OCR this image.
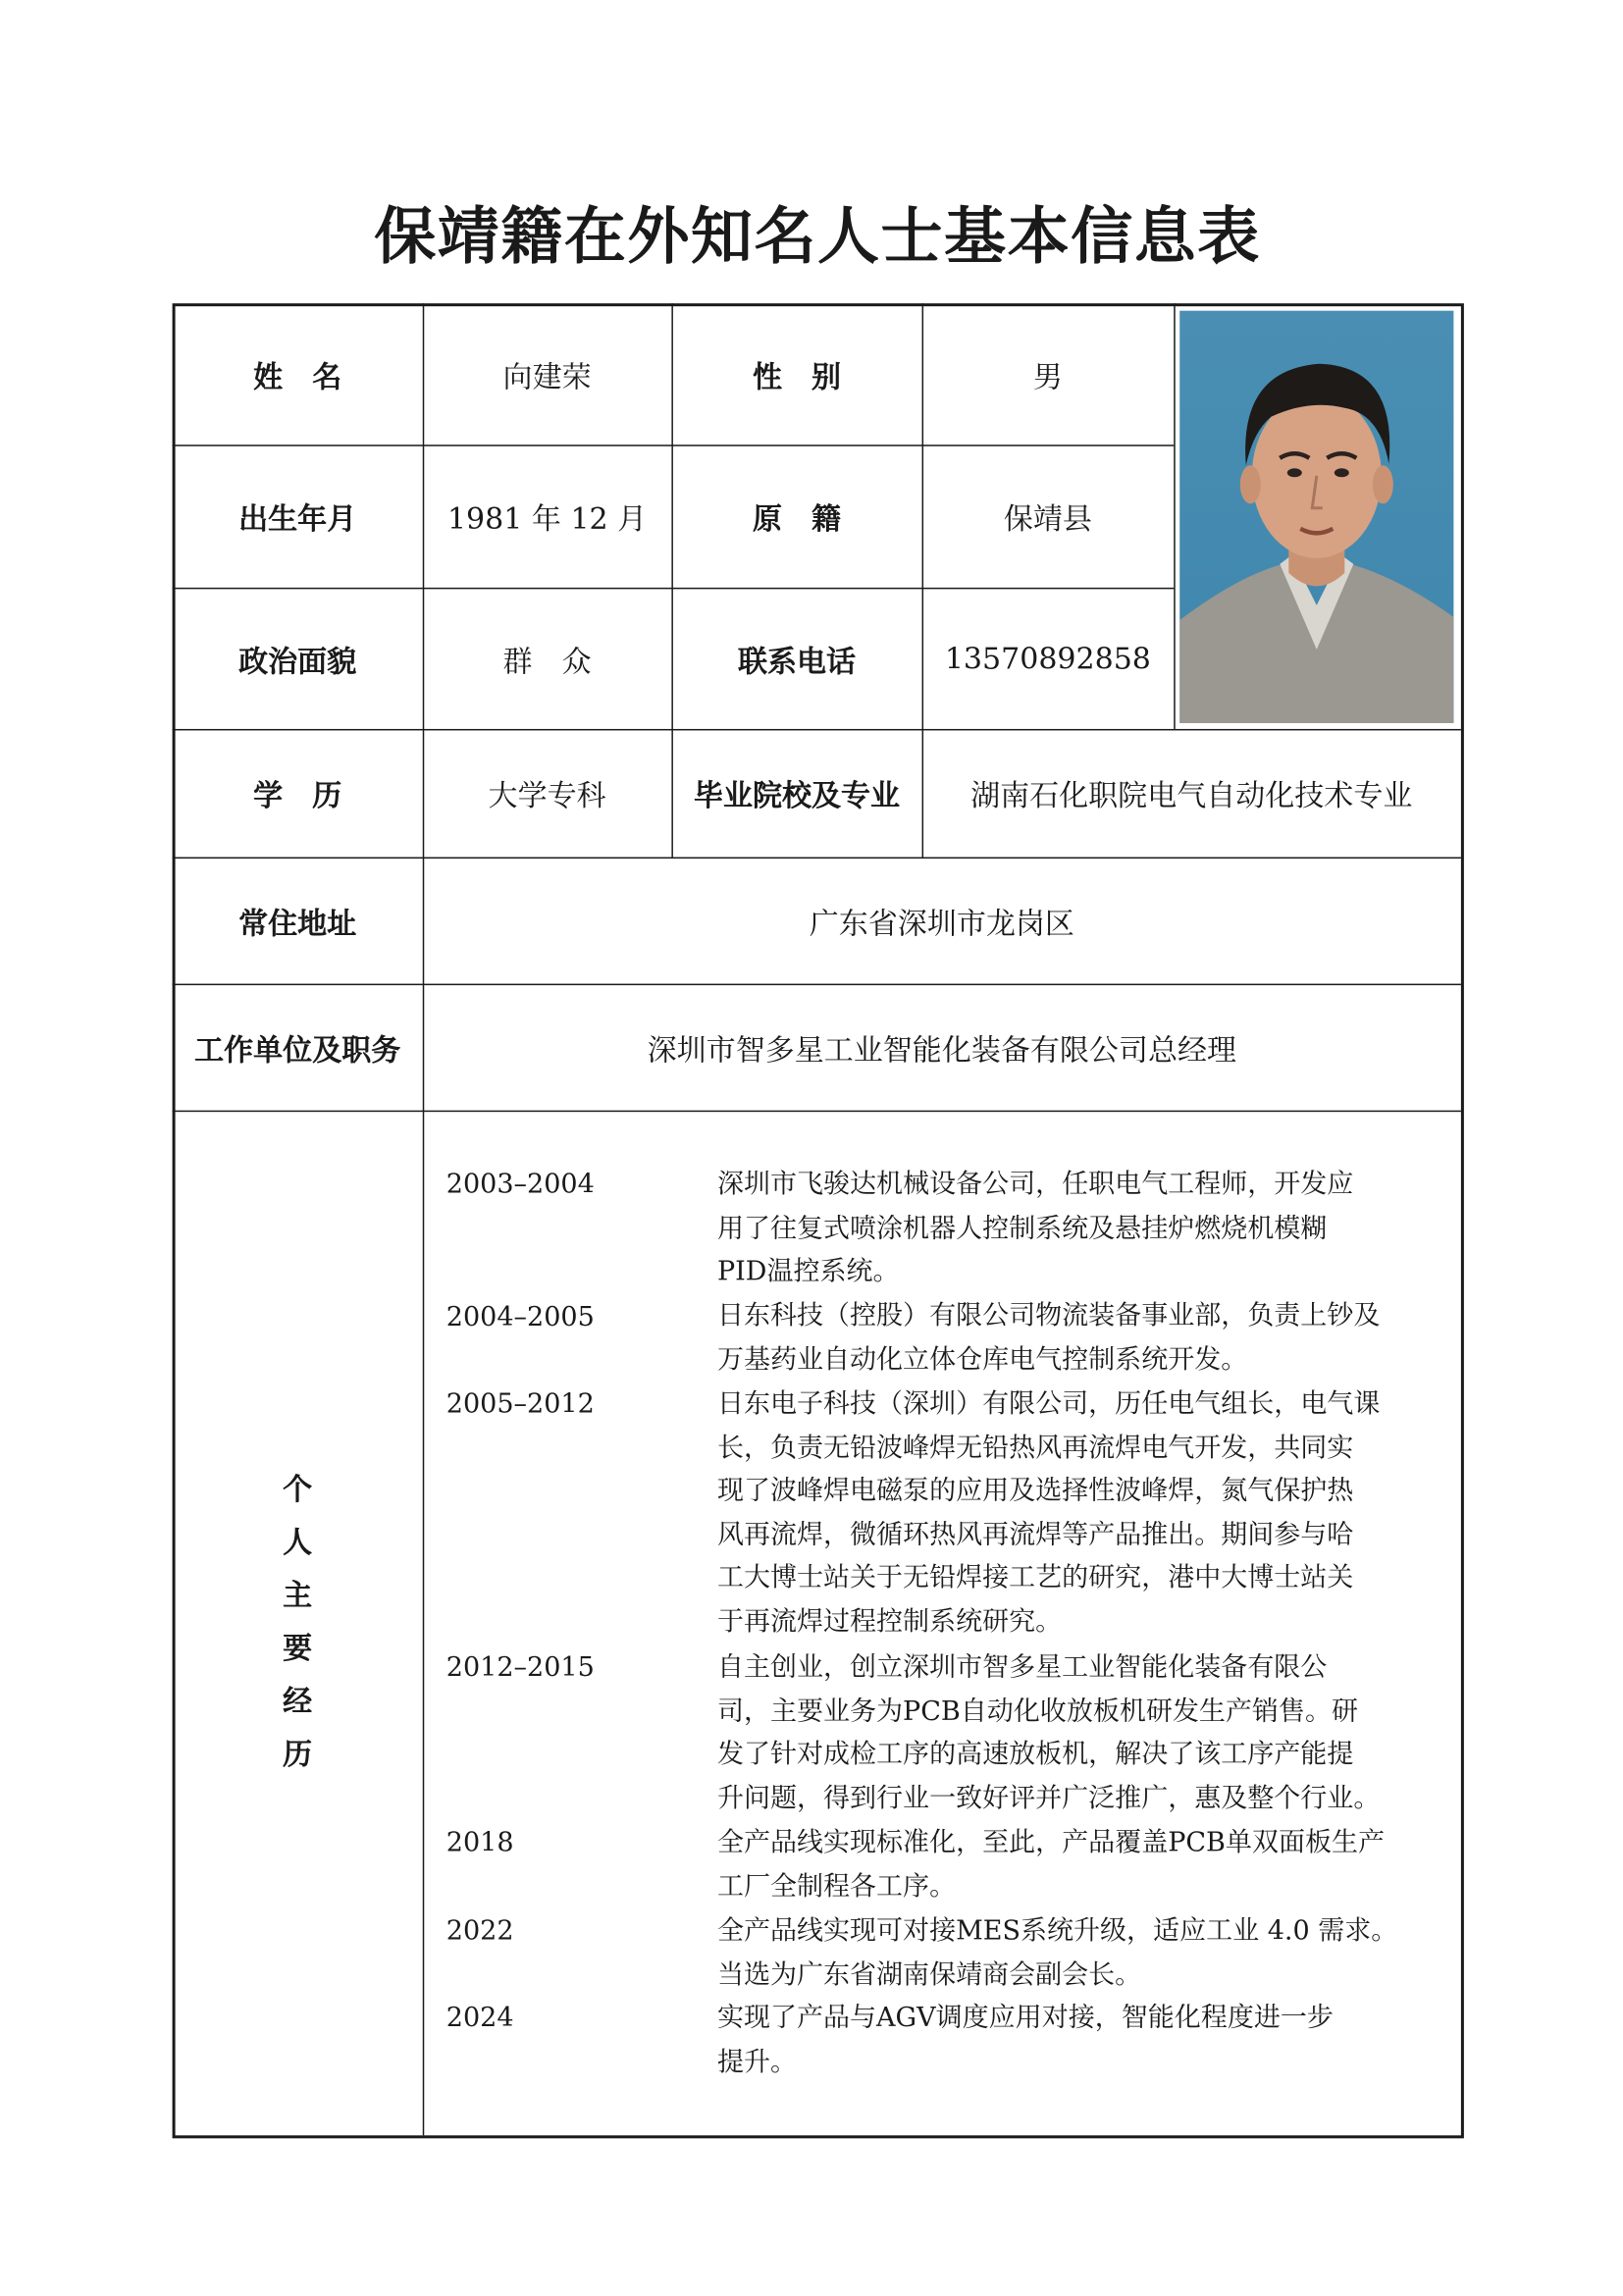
保靖籍在外知名人士基本信息表
姓　名	向建荣	性　别	男
出生年月	1981 年 12 月	原　籍	保靖县
政治面貌	群　众	联系电话	13570892858
学　历	大学专科	毕业院校及专业	湖南石化职院电气自动化技术专业
常住地址	广东省深圳市龙岗区
工作单位及职务	深圳市智多星工业智能化装备有限公司总经理
个
人
主
要
经
历
2003–2004	深圳市飞骏达机械设备公司，任职电气工程师，开发应
用了往复式喷涂机器人控制系统及悬挂炉燃烧机模糊
PID温控系统。
2004–2005	日东科技（控股）有限公司物流装备事业部，负责上钞及
万基药业自动化立体仓库电气控制系统开发。
2005–2012	日东电子科技（深圳）有限公司，历任电气组长，电气课
长，负责无铅波峰焊无铅热风再流焊电气开发，共同实
现了波峰焊电磁泵的应用及选择性波峰焊，氮气保护热
风再流焊，微循环热风再流焊等产品推出。期间参与哈
工大博士站关于无铅焊接工艺的研究，港中大博士站关
于再流焊过程控制系统研究。
2012–2015	自主创业，创立深圳市智多星工业智能化装备有限公
司，主要业务为PCB自动化收放板机研发生产销售。研
发了针对成检工序的高速放板机，解决了该工序产能提
升问题，得到行业一致好评并广泛推广，惠及整个行业。
2018	全产品线实现标准化，至此，产品覆盖PCB单双面板生产
工厂全制程各工序。
2022	全产品线实现可对接MES系统升级，适应工业 4.0 需求。
当选为广东省湖南保靖商会副会长。
2024	实现了产品与AGV调度应用对接，智能化程度进一步
提升。
